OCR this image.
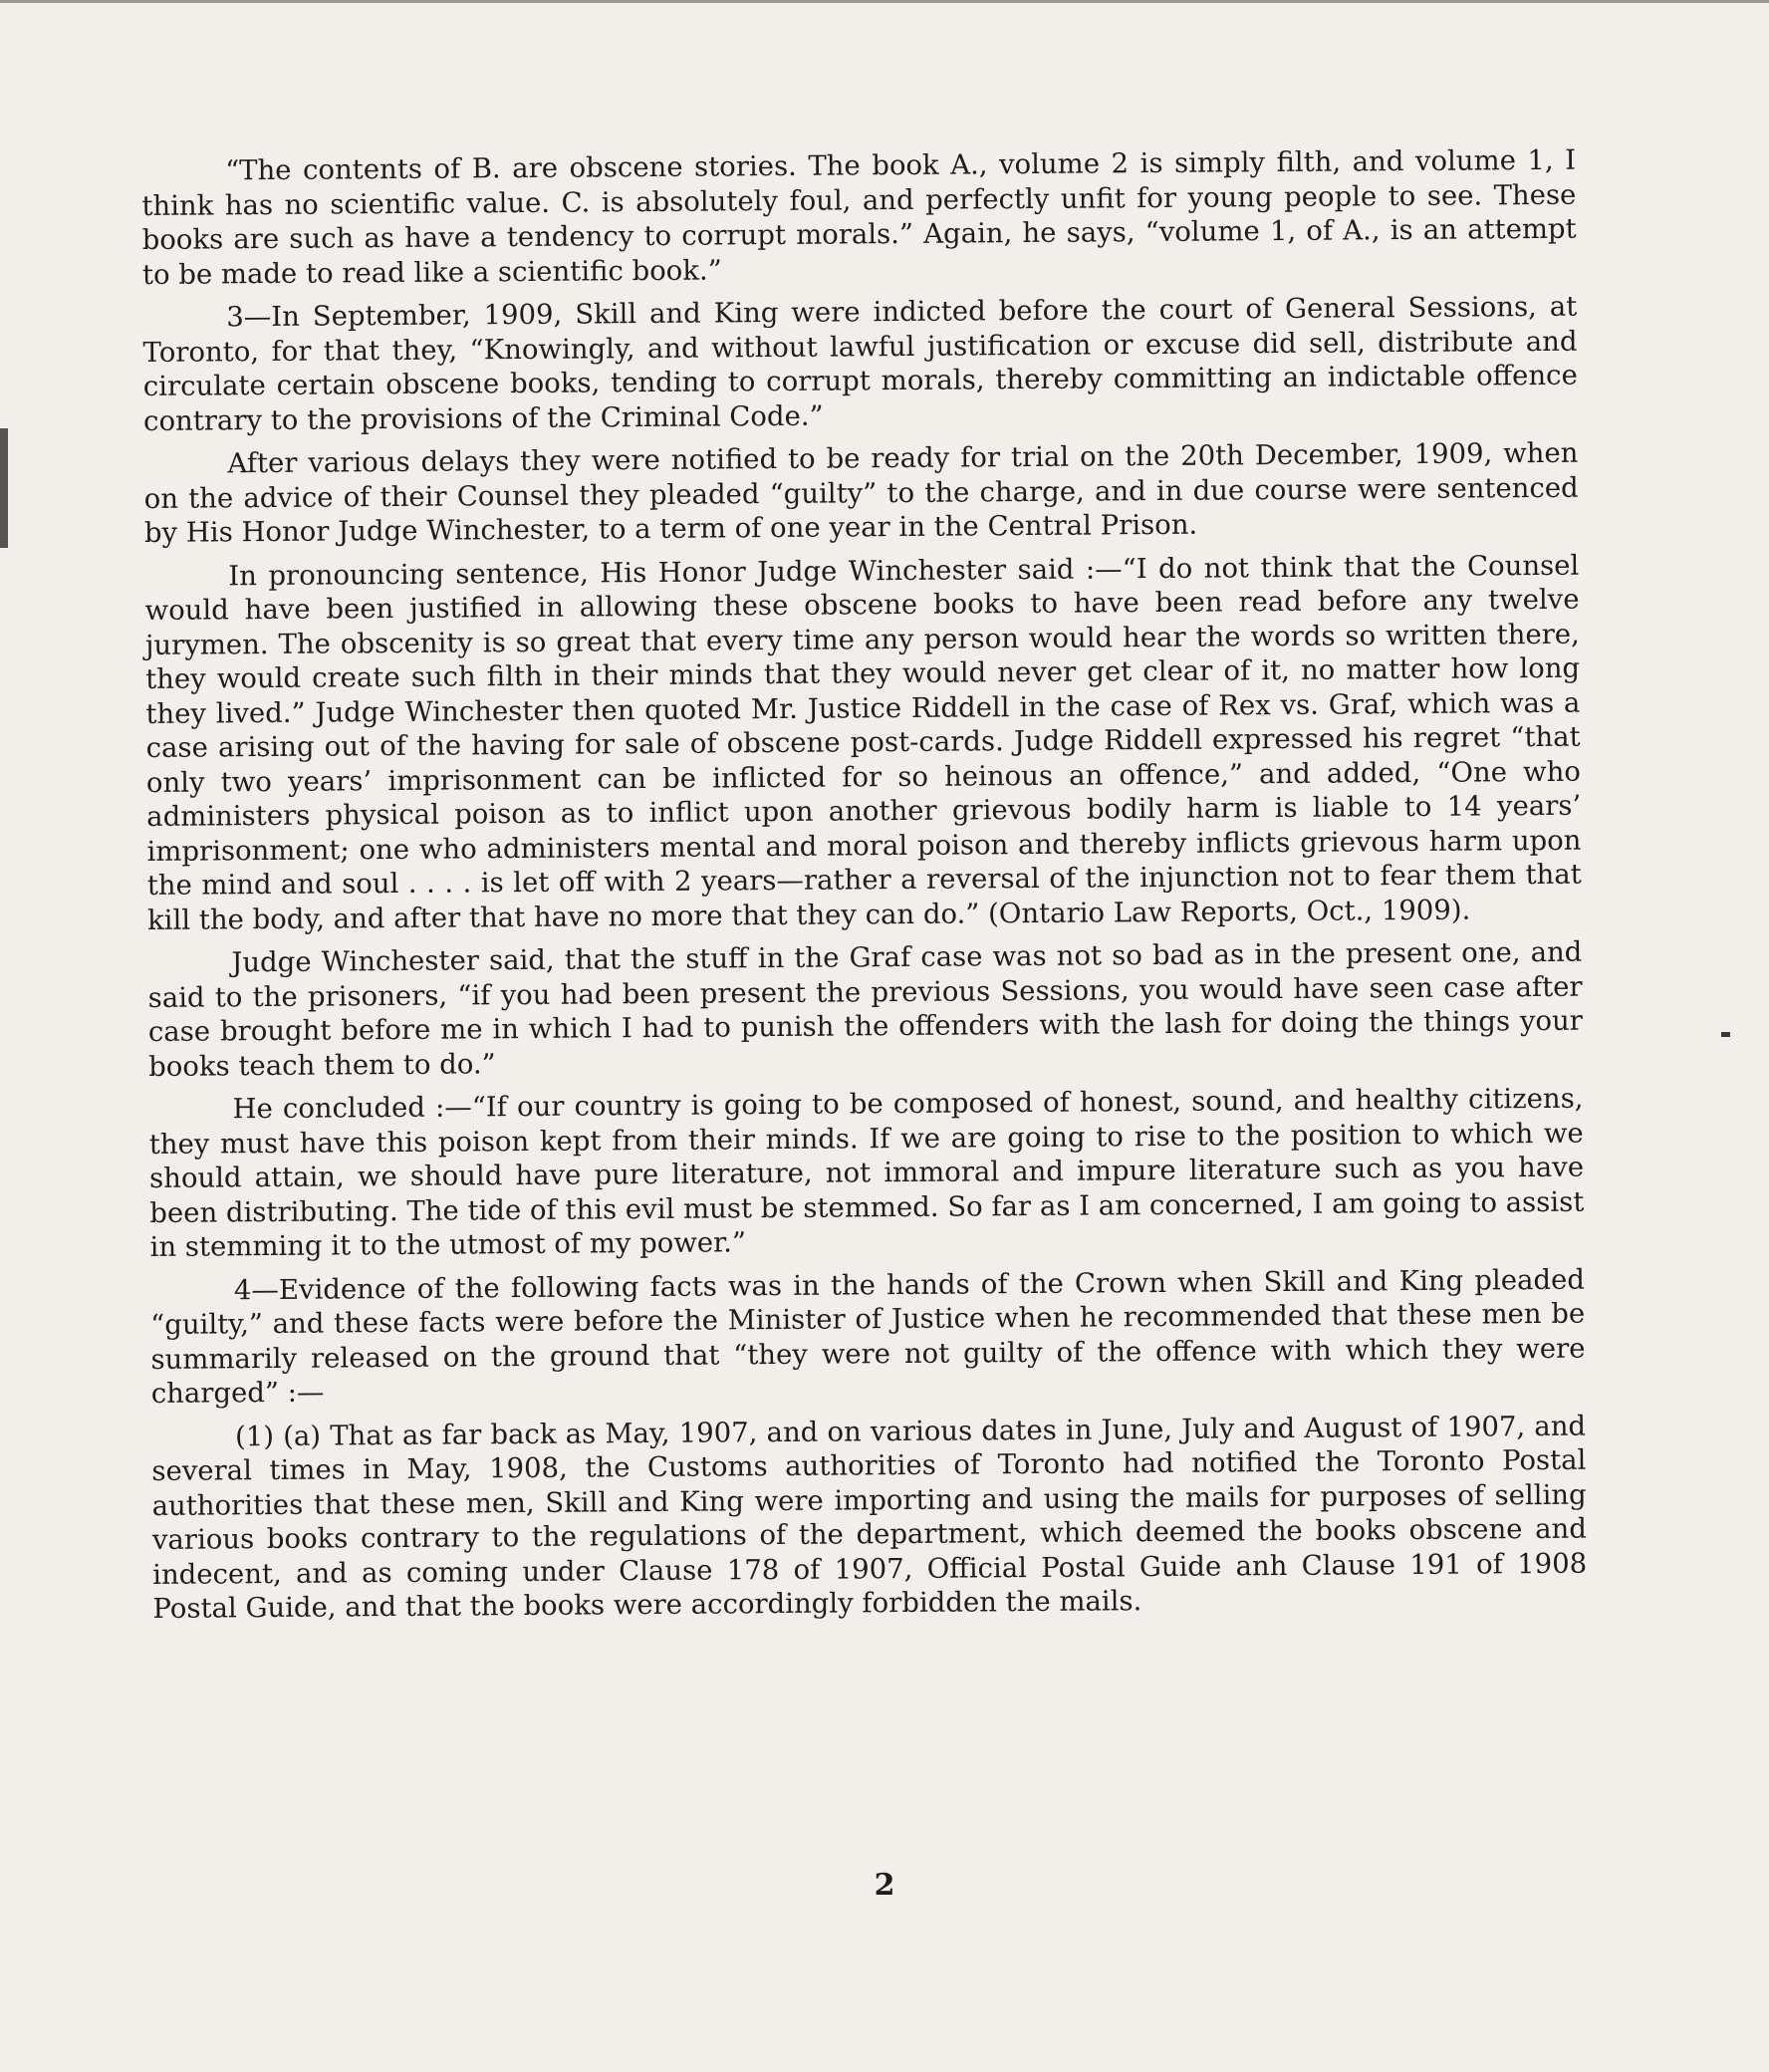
“The contents of B. are obscene stories. The book A., volume 2 is simply filth, and volume 1, I think has no scientific value. C. is absolutely foul, and perfectly unfit for young people to see. These books are such as have a tendency to corrupt morals.” Again, he says, “volume 1, of A., is an attempt to be made to read like a scientific book.”

3—In September, 1909, Skill and King were indicted before the court of General Sessions, at Toronto, for that they, “Knowingly, and without lawful justification or excuse did sell, distribute and circulate certain obscene books, tending to corrupt morals, thereby committing an indictable offence contrary to the provisions of the Criminal Code.”

After various delays they were notified to be ready for trial on the 20th December, 1909, when on the advice of their Counsel they pleaded “guilty” to the charge, and in due course were sentenced by His Honor Judge Winchester, to a term of one year in the Central Prison.

In pronouncing sentence, His Honor Judge Winchester said :—“I do not think that the Counsel would have been justified in allowing these obscene books to have been read before any twelve jurymen. The obscenity is so great that every time any person would hear the words so written there, they would create such filth in their minds that they would never get clear of it, no matter how long they lived.” Judge Winchester then quoted Mr. Justice Riddell in the case of Rex vs. Graf, which was a case arising out of the having for sale of obscene post-cards. Judge Riddell expressed his regret “that only two years’ imprisonment can be inflicted for so heinous an offence,” and added, “One who administers physical poison as to inflict upon another grievous bodily harm is liable to 14 years’ imprisonment; one who administers mental and moral poison and thereby inflicts grievous harm upon the mind and soul . . . . is let off with 2 years—rather a reversal of the injunction not to fear them that kill the body, and after that have no more that they can do.” (Ontario Law Reports, Oct., 1909).

Judge Winchester said, that the stuff in the Graf case was not so bad as in the present one, and said to the prisoners, “if you had been present the previous Sessions, you would have seen case after case brought before me in which I had to punish the offenders with the lash for doing the things your books teach them to do.”

He concluded :—“If our country is going to be composed of honest, sound, and healthy citizens, they must have this poison kept from their minds. If we are going to rise to the position to which we should attain, we should have pure literature, not immoral and impure literature such as you have been distributing. The tide of this evil must be stemmed. So far as I am concerned, I am going to assist in stemming it to the utmost of my power.”

4—Evidence of the following facts was in the hands of the Crown when Skill and King pleaded “guilty,” and these facts were before the Minister of Justice when he recommended that these men be summarily released on the ground that “they were not guilty of the offence with which they were charged” :—

(1) (a) That as far back as May, 1907, and on various dates in June, July and August of 1907, and several times in May, 1908, the Customs authorities of Toronto had notified the Toronto Postal authorities that these men, Skill and King were importing and using the mails for purposes of selling various books contrary to the regulations of the department, which deemed the books obscene and indecent, and as coming under Clause 178 of 1907, Official Postal Guide anh Clause 191 of 1908 Postal Guide, and that the books were accordingly forbidden the mails.

2
